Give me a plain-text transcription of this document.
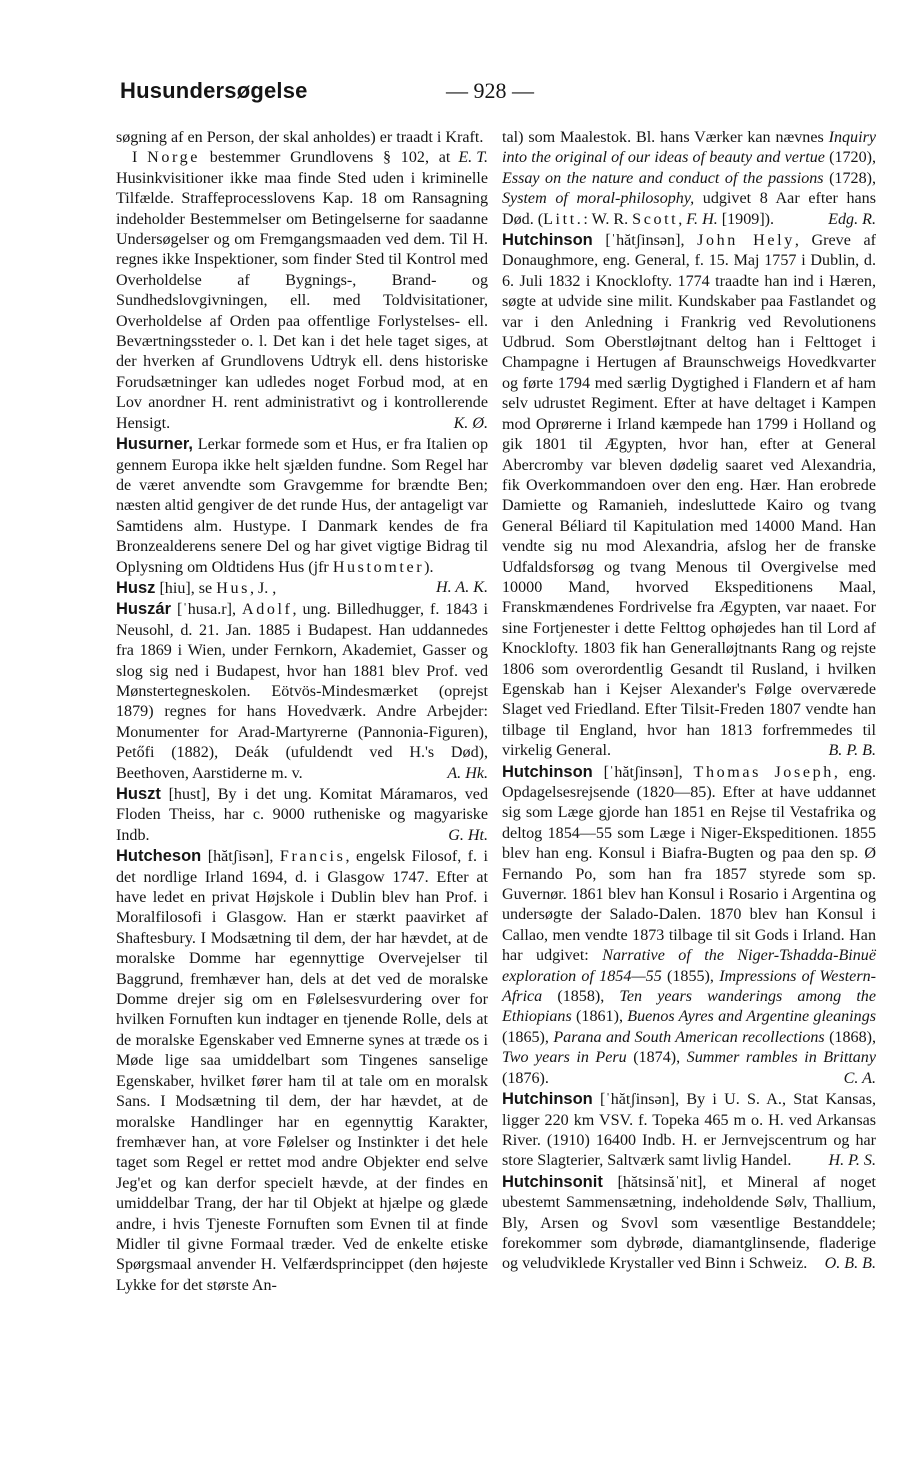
Husundersøgelse	— 928 —

søgning af en Person, der skal anholdes) er traadt i Kraft.
E. T.

I Norge bestemmer Grundlovens § 102, at Husinkvisitioner ikke maa finde Sted uden i kriminelle Tilfælde. Straffeprocesslovens Kap. 18 om Ransagning indeholder Bestemmelser om Betingelserne for saadanne Undersøgelser og om Fremgangsmaaden ved dem. Til H. regnes ikke Inspektioner, som finder Sted til Kontrol med Overholdelse af Bygnings-, Brand- og Sundhedslovgivningen, ell. med Toldvisitationer, Overholdelse af Orden paa offentlige Forlystelses- ell. Beværtningssteder o. l. Det kan i det hele taget siges, at der hverken af Grundlovens Udtryk ell. dens historiske Forudsætninger kan udledes noget Forbud mod, at en Lov anordner H. rent administrativt og i kontrollerende Hensigt.	K. Ø.

Husurner, Lerkar formede som et Hus, er fra Italien op gennem Europa ikke helt sjælden fundne. Som Regel har de været anvendte som Gravgemme for brændte Ben; næsten altid gengiver de det runde Hus, der antageligt var Samtidens alm. Hustype. I Danmark kendes de fra Bronzealderens senere Del og har givet vigtige Bidrag til Oplysning om Oldtidens Hus (jfr Hustomter).
H. A. K.

Husz [hiu], se Hus, J. ,

Huszár [ˈhusa.r], Adolf, ung. Billedhugger, f. 1843 i Neusohl, d. 21. Jan. 1885 i Budapest. Han uddannedes fra 1869 i Wien, under Fernkorn, Akademiet, Gasser og slog sig ned i Budapest, hvor han 1881 blev Prof. ved Mønstertegneskolen. Eötvös-Mindesmærket (oprejst 1879) regnes for hans Hovedværk. Andre Arbejder: Monumenter for Arad-Martyrerne (Pannonia-Figuren), Petőfi (1882), Deák (ufuldendt ved H.'s Død), Beethoven, Aarstiderne m. v.	A. Hk.

Huszt [hust], By i det ung. Komitat Máramaros, ved Floden Theiss, har c. 9000 rutheniske og magyariske Indb.	G. Ht.

Hutcheson [hătʃisən], Francis, engelsk Filosof, f. i det nordlige Irland 1694, d. i Glasgow 1747. Efter at have ledet en privat Højskole i Dublin blev han Prof. i Moralfilosofi i Glasgow. Han er stærkt paavirket af Shaftesbury. I Modsætning til dem, der har hævdet, at de moralske Domme har egennyttige Overvejelser til Baggrund, fremhæver han, dels at det ved de moralske Domme drejer sig om en Følelsesvurdering over for hvilken Fornuften kun indtager en tjenende Rolle, dels at de moralske Egenskaber ved Emnerne synes at træde os i Møde lige saa umiddelbart som Tingenes sanselige Egenskaber, hvilket fører ham til at tale om en moralsk Sans. I Modsætning til dem, der har hævdet, at de moralske Handlinger har en egennyttig Karakter, fremhæver han, at vore Følelser og Instinkter i det hele taget som Regel er rettet mod andre Objekter end selve Jeg'et og kan derfor specielt hævde, at der findes en umiddelbar Trang, der har til Objekt at hjælpe og glæde andre, i hvis Tjeneste Fornuften som Evnen til at finde Midler til givne Formaal træder. Ved de enkelte etiske Spørgsmaal anvender H. Velfærdsprincippet (den højeste Lykke for det største An-

tal) som Maalestok. Bl. hans Værker kan nævnes Inquiry into the original of our ideas of beauty and vertue (1720), Essay on the nature and conduct of the passions (1728), System of moral-philosophy, udgivet 8 Aar efter hans Død. (Litt.: W. R. Scott, F. H. [1909]).	Edg. R.

Hutchinson [ˈhătʃinsən], John Hely, Greve af Donaughmore, eng. General, f. 15. Maj 1757 i Dublin, d. 6. Juli 1832 i Knocklofty. 1774 traadte han ind i Hæren, søgte at udvide sine milit. Kundskaber paa Fastlandet og var i den Anledning i Frankrig ved Revolutionens Udbrud. Som Oberstløjtnant deltog han i Felttoget i Champagne i Hertugen af Braunschweigs Hovedkvarter og førte 1794 med særlig Dygtighed i Flandern et af ham selv udrustet Regiment. Efter at have deltaget i Kampen mod Oprørerne i Irland kæmpede han 1799 i Holland og gik 1801 til Ægypten, hvor han, efter at General Abercromby var bleven dødelig saaret ved Alexandria, fik Overkommandoen over den eng. Hær. Han erobrede Damiette og Ramanieh, indesluttede Kairo og tvang General Béliard til Kapitulation med 14000 Mand. Han vendte sig nu mod Alexandria, afslog her de franske Udfaldsforsøg og tvang Menous til Overgivelse med 10000 Mand, hvorved Ekspeditionens Maal, Franskmændenes Fordrivelse fra Ægypten, var naaet. For sine Fortjenester i dette Felttog ophøjedes han til Lord af Knocklofty. 1803 fik han Generalløjtnants Rang og rejste 1806 som overordentlig Gesandt til Rusland, i hvilken Egenskab han i Kejser Alexander's Følge overværede Slaget ved Friedland. Efter Tilsit-Freden 1807 vendte han tilbage til England, hvor han 1813 forfremmedes til virkelig General.	B. P. B.

Hutchinson [ˈhătʃinsən], Thomas Joseph, eng. Opdagelsesrejsende (1820—85). Efter at have uddannet sig som Læge gjorde han 1851 en Rejse til Vestafrika og deltog 1854—55 som Læge i Niger-Ekspeditionen. 1855 blev han eng. Konsul i Biafra-Bugten og paa den sp. Ø Fernando Po, som han fra 1857 styrede som sp. Guvernør. 1861 blev han Konsul i Rosario i Argentina og undersøgte der Salado-Dalen. 1870 blev han Konsul i Callao, men vendte 1873 tilbage til sit Gods i Irland. Han har udgivet: Narrative of the Niger-Tshadda-Binuë exploration of 1854—55 (1855), Impressions of Western-Africa (1858), Ten years wanderings among the Ethiopians (1861), Buenos Ayres and Argentine gleanings (1865), Parana and South American recollections (1868), Two years in Peru (1874), Summer rambles in Brittany (1876).	C. A.

Hutchinson [ˈhătʃinsən], By i U. S. A., Stat Kansas, ligger 220 km VSV. f. Topeka 465 m o. H. ved Arkansas River. (1910) 16400 Indb. H. er Jernvejscentrum og har store Slagterier, Saltværk samt livlig Handel.	H. P. S.

Hutchinsonit [hătsinsăˈnit], et Mineral af noget ubestemt Sammensætning, indeholdende Sølv, Thallium, Bly, Arsen og Svovl som væsentlige Bestanddele; forekommer som dybrøde, diamantglinsende, fladerige og veludviklede Krystaller ved Binn i Schweiz.	O. B. B.
